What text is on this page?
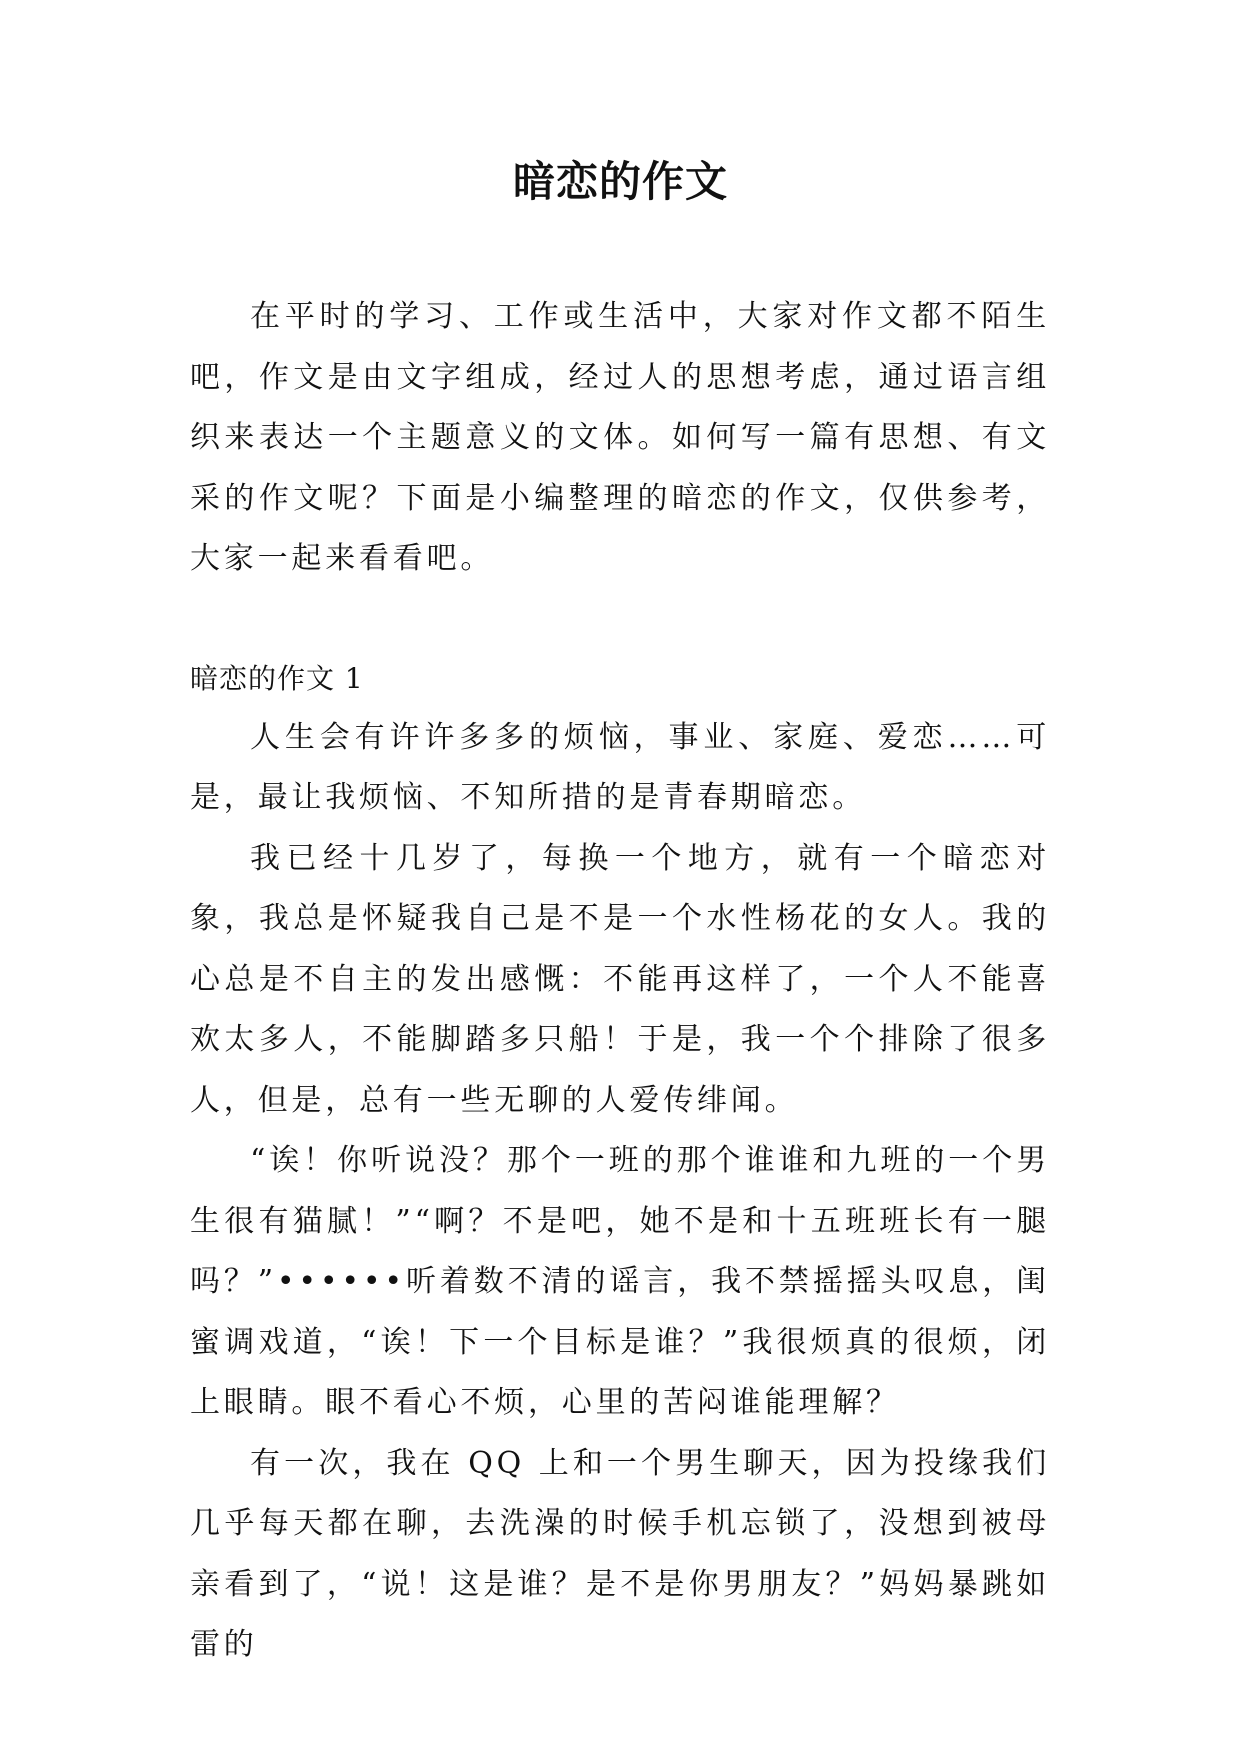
暗恋的作文

在平时的学习、工作或生活中，大家对作文都不陌生吧，作文是由文字组成，经过人的思想考虑，通过语言组织来表达一个主题意义的文体。如何写一篇有思想、有文采的作文呢？下面是小编整理的暗恋的作文，仅供参考，大家一起来看看吧。

暗恋的作文 1

人生会有许许多多的烦恼，事业、家庭、爱恋……可是，最让我烦恼、不知所措的是青春期暗恋。

我已经十几岁了，每换一个地方，就有一个暗恋对象，我总是怀疑我自己是不是一个水性杨花的女人。我的心总是不自主的发出感慨：不能再这样了，一个人不能喜欢太多人，不能脚踏多只船！于是，我一个个排除了很多人，但是，总有一些无聊的人爱传绯闻。

“诶！你听说没？那个一班的那个谁谁和九班的一个男生很有猫腻！”“啊？不是吧，她不是和十五班班长有一腿吗？”••••••听着数不清的谣言，我不禁摇摇头叹息，闺蜜调戏道，“诶！下一个目标是谁？”我很烦真的很烦，闭上眼睛。眼不看心不烦，心里的苦闷谁能理解？

有一次，我在 QQ 上和一个男生聊天，因为投缘我们几乎每天都在聊，去洗澡的时候手机忘锁了，没想到被母亲看到了，“说！这是谁？是不是你男朋友？”妈妈暴跳如雷的
